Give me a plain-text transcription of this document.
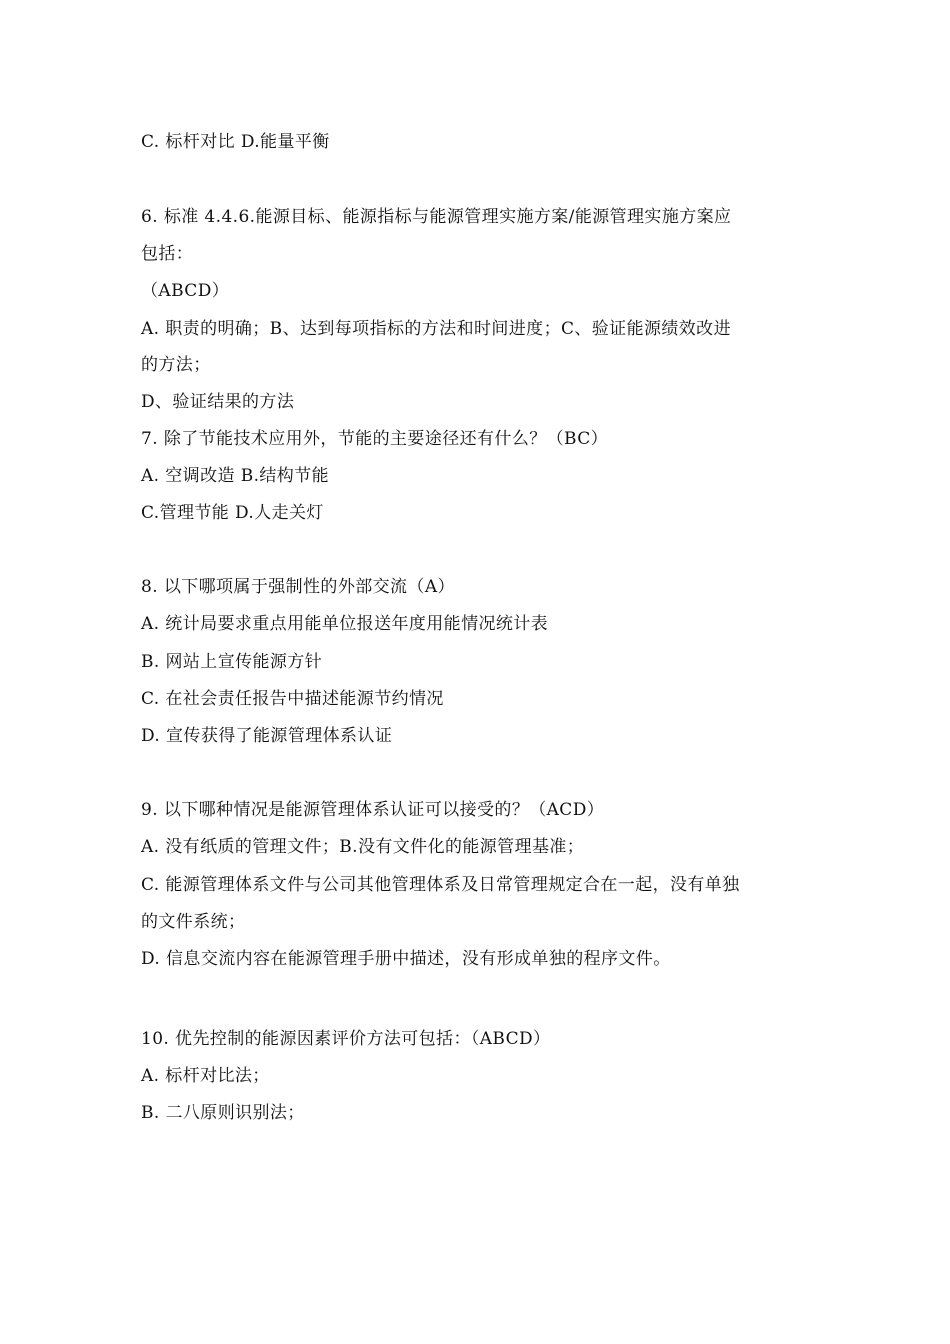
C. 标杆对比 D.能量平衡
6. 标准 4.4.6.能源目标、能源指标与能源管理实施方案/能源管理实施方案应
包括：
（ABCD）
A. 职责的明确；B、达到每项指标的方法和时间进度；C、验证能源绩效改进
的方法；
D、验证结果的方法
7. 除了节能技术应用外，节能的主要途径还有什么？（BC）
A. 空调改造 B.结构节能
C.管理节能 D.人走关灯
8. 以下哪项属于强制性的外部交流（A）
A. 统计局要求重点用能单位报送年度用能情况统计表
B. 网站上宣传能源方针
C. 在社会责任报告中描述能源节约情况
D. 宣传获得了能源管理体系认证
9. 以下哪种情况是能源管理体系认证可以接受的？（ACD）
A. 没有纸质的管理文件；B.没有文件化的能源管理基准；
C. 能源管理体系文件与公司其他管理体系及日常管理规定合在一起，没有单独
的文件系统；
D. 信息交流内容在能源管理手册中描述，没有形成单独的程序文件。
10. 优先控制的能源因素评价方法可包括：（ABCD）
A. 标杆对比法；
B. 二八原则识别法；
